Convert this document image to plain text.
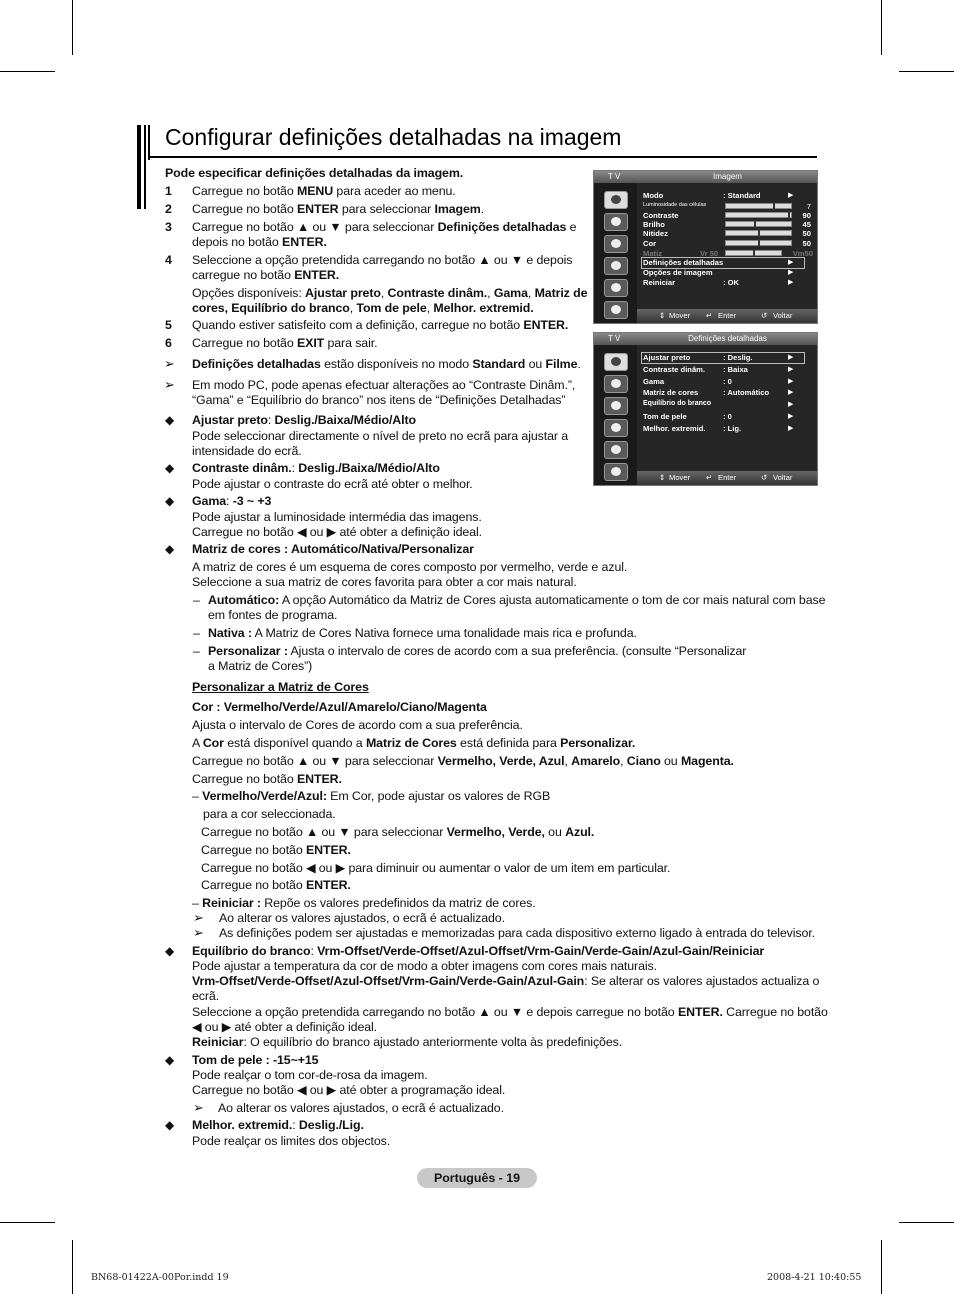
Configurar definições detalhadas na imagem
Pode especificar definições detalhadas da imagem.
1 Carregue no botão MENU para aceder ao menu.
2 Carregue no botão ENTER para seleccionar Imagem.
3 Carregue no botão ▲ ou ▼ para seleccionar Definições detalhadas e
depois no botão ENTER.
4 Seleccione a opção pretendida carregando no botão ▲ ou ▼ e depois
carregue no botão ENTER.
Opções disponíveis: Ajustar preto, Contraste dinâm., Gama, Matriz de
cores, Equilíbrio do branco, Tom de pele, Melhor. extremid.
5 Quando estiver satisfeito com a definição, carregue no botão ENTER.
6 Carregue no botão EXIT para sair.
➢ Definições detalhadas estão disponíveis no modo Standard ou Filme.
➢ Em modo PC, pode apenas efectuar alterações ao “Contraste Dinâm.”,
“Gama” e “Equilíbrio do branco” nos itens de “Definições Detalhadas”
◆ Ajustar preto: Deslig./Baixa/Médio/Alto
Pode seleccionar directamente o nível de preto no ecrã para ajustar a
intensidade do ecrã.
◆ Contraste dinâm.: Deslig./Baixa/Médio/Alto
Pode ajustar o contraste do ecrã até obter o melhor.
◆ Gama: -3 ~ +3
Pode ajustar a luminosidade intermédia das imagens.
Carregue no botão ◀ ou ▶ até obter a definição ideal.
◆ Matriz de cores : Automático/Nativa/Personalizar
A matriz de cores é um esquema de cores composto por vermelho, verde e azul.
Seleccione a sua matriz de cores favorita para obter a cor mais natural.
– Automático: A opção Automático da Matriz de Cores ajusta automaticamente o tom de cor mais natural com base
em fontes de programa.
– Nativa : A Matriz de Cores Nativa fornece uma tonalidade mais rica e profunda.
– Personalizar : Ajusta o intervalo de cores de acordo com a sua preferência. (consulte “Personalizar
a Matriz de Cores”)
Personalizar a Matriz de Cores
Cor : Vermelho/Verde/Azul/Amarelo/Ciano/Magenta
Ajusta o intervalo de Cores de acordo com a sua preferência.
A Cor está disponível quando a Matriz de Cores está definida para Personalizar.
Carregue no botão ▲ ou ▼ para seleccionar Vermelho, Verde, Azul, Amarelo, Ciano ou Magenta.
Carregue no botão ENTER.
– Vermelho/Verde/Azul: Em Cor, pode ajustar os valores de RGB
para a cor seleccionada.
Carregue no botão ▲ ou ▼ para seleccionar Vermelho, Verde, ou Azul.
Carregue no botão ENTER.
Carregue no botão ◀ ou ▶ para diminuir ou aumentar o valor de um item em particular.
Carregue no botão ENTER.
– Reiniciar : Repõe os valores predefinidos da matriz de cores.
➢ Ao alterar os valores ajustados, o ecrã é actualizado.
➢ As definições podem ser ajustadas e memorizadas para cada dispositivo externo ligado à entrada do televisor.
◆ Equilíbrio do branco: Vrm-Offset/Verde-Offset/Azul-Offset/Vrm-Gain/Verde-Gain/Azul-Gain/Reiniciar
Pode ajustar a temperatura da cor de modo a obter imagens com cores mais naturais.
Vrm-Offset/Verde-Offset/Azul-Offset/Vrm-Gain/Verde-Gain/Azul-Gain: Se alterar os valores ajustados actualiza o
ecrã.
Seleccione a opção pretendida carregando no botão ▲ ou ▼ e depois carregue no botão ENTER. Carregue no botão
◀ ou ▶ até obter a definição ideal.
Reiniciar: O equilíbrio do branco ajustado anteriormente volta às predefinições.
◆ Tom de pele : -15~+15
Pode realçar o tom cor-de-rosa da imagem.
Carregue no botão ◀ ou ▶ até obter a programação ideal.
➢ Ao alterar os valores ajustados, o ecrã é actualizado.
◆ Melhor. extremid.: Deslig./Lig.
Pode realçar os limites dos objectos.
T V	Imagem
Modo	: Standard	▶
Luminosidade das células	7
Contraste	90
Brilho	45
Nitidez	50
Cor	50
Matiz	Vr 50	Vm50
Definições detalhadas	▶
Opções de imagem	▶
Reiniciar	: OK	▶
⇕ Mover ↵ Enter	↺ Voltar
T V	Definições detalhadas
Ajustar preto	: Deslig.	▶
Contraste dinâm. : Baixa	▶
Gama	: 0	▶
Matriz de cores	: Automático	▶
Equilíbrio do branco	▶
Tom de pele	: 0	▶
Melhor. extremid. : Lig.	▶
⇕ Mover ↵ Enter	↺ Voltar
Português - 19
BN68-01422A-00Por.indd 19	2008-4-21 10:40:55
